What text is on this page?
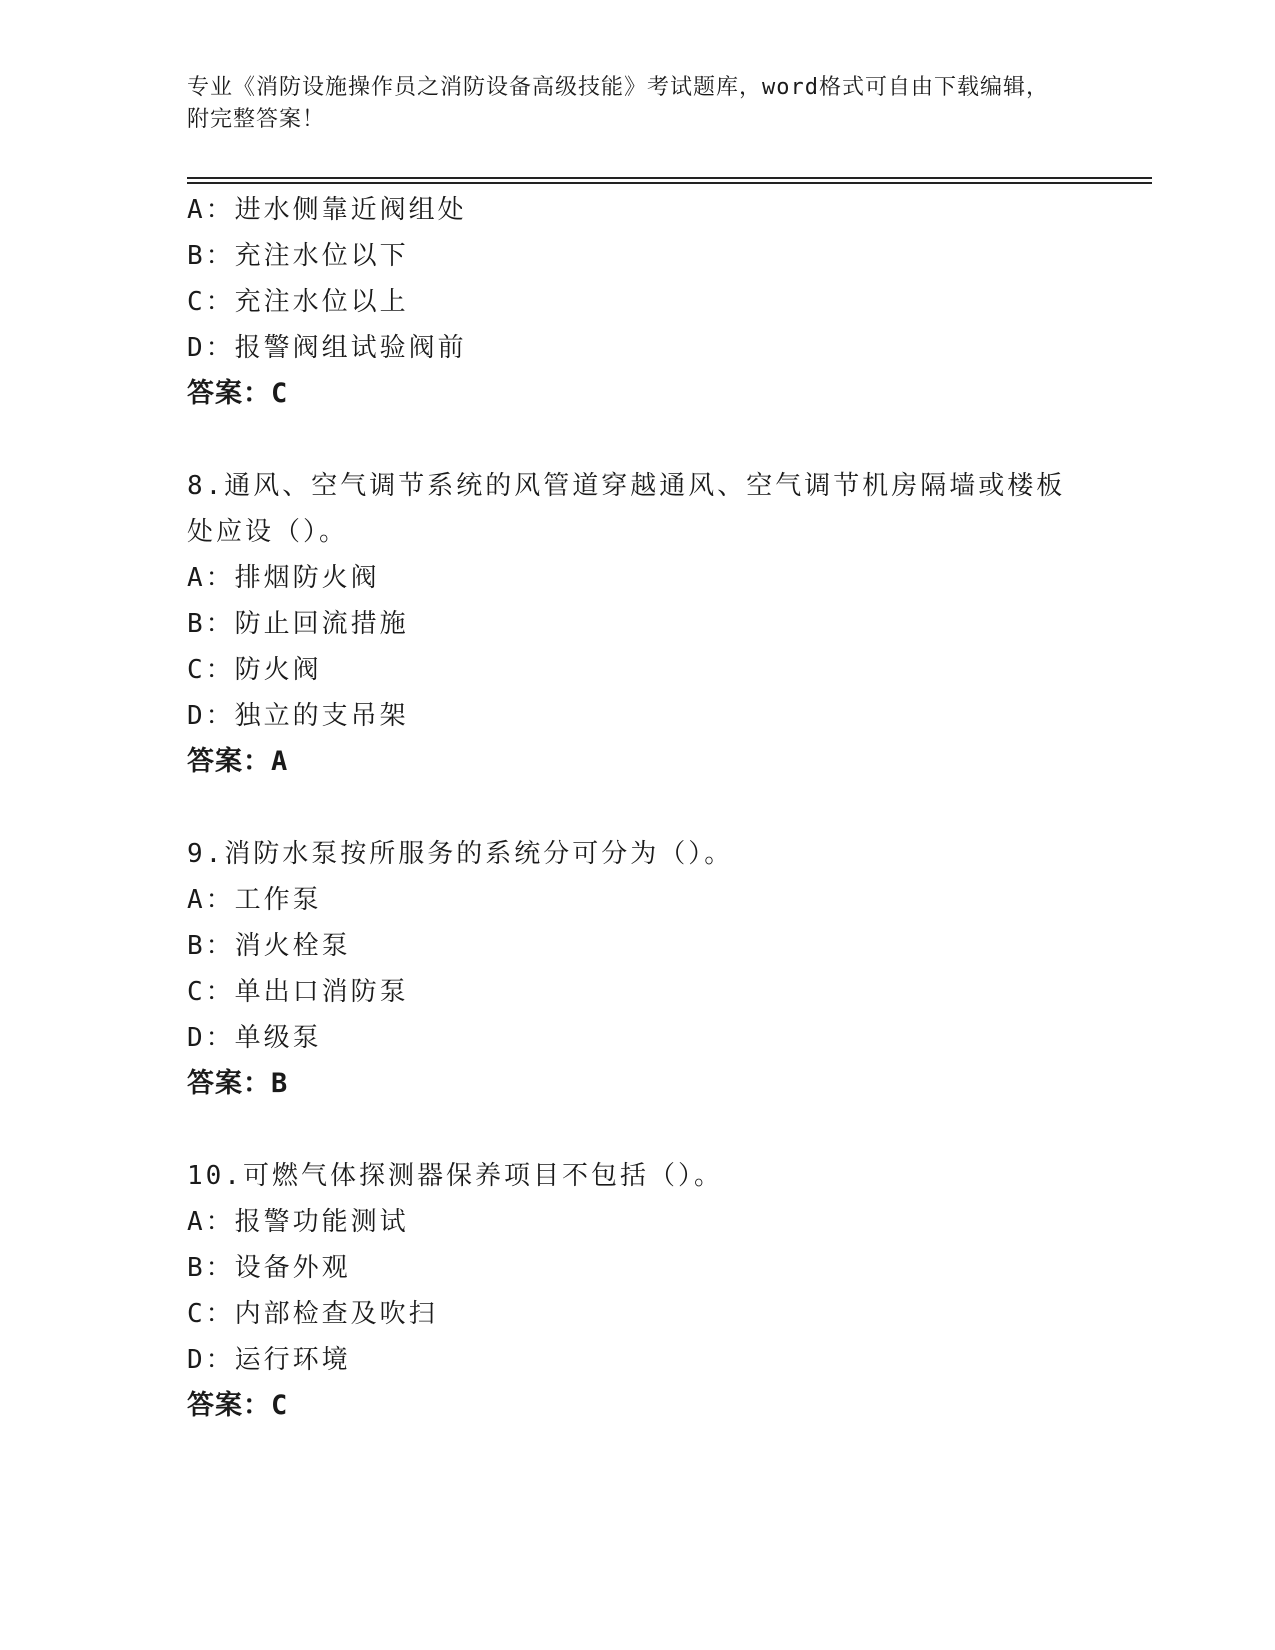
专业《消防设施操作员之消防设备高级技能》考试题库，word格式可自由下载编辑，附完整答案！
A：进水侧靠近阀组处
B：充注水位以下
C：充注水位以上
D：报警阀组试验阀前
答案：C
8.通风、空气调节系统的风管道穿越通风、空气调节机房隔墙或楼板处应设（）。
A：排烟防火阀
B：防止回流措施
C：防火阀
D：独立的支吊架
答案：A
9.消防水泵按所服务的系统分可分为（）。
A：工作泵
B：消火栓泵
C：单出口消防泵
D：单级泵
答案：B
10.可燃气体探测器保养项目不包括（）。
A：报警功能测试
B：设备外观
C：内部检查及吹扫
D：运行环境
答案：C
